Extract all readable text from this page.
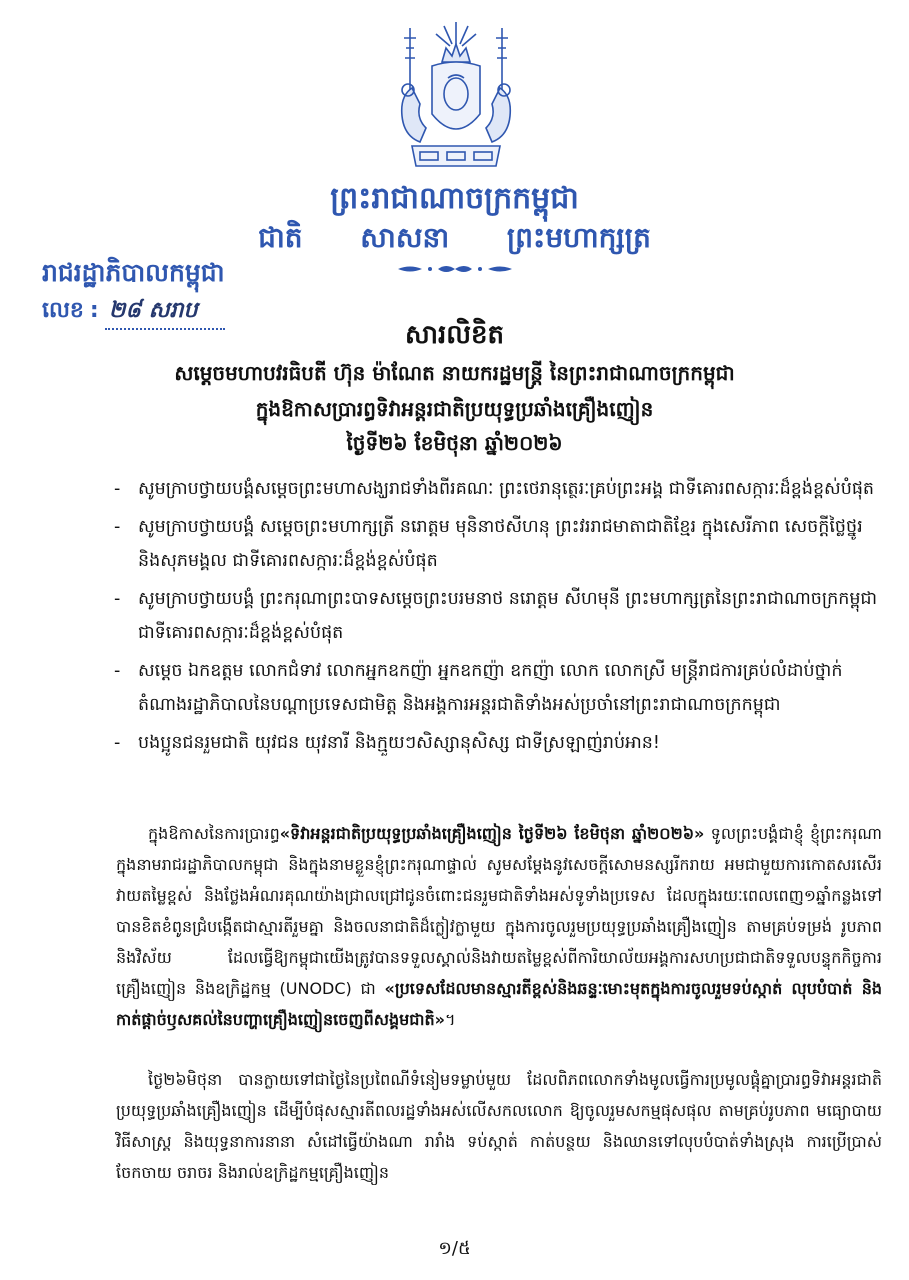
ព្រះរាជាណាចក្រកម្ពុជា
ជាតិ សាសនា ព្រះមហាក្សត្រ
រាជរដ្ឋាភិបាលកម្ពុជា
លេខ : ២៨ សរាប
សារលិខិត
សម្តេចមហាបវរធិបតី ហ៊ុន ម៉ាណែត នាយករដ្ឋមន្ត្រី នៃព្រះរាជាណាចក្រកម្ពុជា
ក្នុងឱកាសប្រារព្ធទិវាអន្តរជាតិប្រយុទ្ធប្រឆាំងគ្រឿងញៀន
ថ្ងៃទី២៦ ខែមិថុនា ឆ្នាំ២០២៦
- សូមក្រាបថ្វាយបង្គំសម្តេចព្រះមហាសង្ឃរាជទាំងពីរគណៈ ព្រះថេរានុត្ថេរៈគ្រប់ព្រះអង្គ ជាទីគោរពសក្ការៈដ៏ខ្ពង់ខ្ពស់បំផុត
- សូមក្រាបថ្វាយបង្គំ សម្តេចព្រះមហាក្សត្រី នរោត្តម មុនិនាថសីហនុ ព្រះវររាជមាតាជាតិខ្មែរ ក្នុងសេរីភាព សេចក្តីថ្លៃថ្នូរ និងសុភមង្គល ជាទីគោរពសក្ការៈដ៏ខ្ពង់ខ្ពស់បំផុត
- សូមក្រាបថ្វាយបង្គំ ព្រះករុណាព្រះបាទសម្តេចព្រះបរមនាថ នរោត្តម សីហមុនី ព្រះមហាក្សត្រនៃព្រះរាជាណាចក្រកម្ពុជា ជាទីគោរពសក្ការៈដ៏ខ្ពង់ខ្ពស់បំផុត
- សម្តេច ឯកឧត្តម លោកជំទាវ លោកអ្នកឧកញ៉ា អ្នកឧកញ៉ា ឧកញ៉ា លោក លោកស្រី មន្ត្រីរាជការគ្រប់លំដាប់ថ្នាក់ តំណាងរដ្ឋាភិបាលនៃបណ្តាប្រទេសជាមិត្ត និងអង្គការអន្តរជាតិទាំងអស់ប្រចាំនៅព្រះរាជាណាចក្រកម្ពុជា
- បងប្អូនជនរួមជាតិ យុវជន យុវនារី និងក្មួយៗសិស្សានុសិស្ស ជាទីស្រឡាញ់រាប់អាន!

ក្នុងឱកាសនៃការប្រារព្ធ«ទិវាអន្តរជាតិប្រយុទ្ធប្រឆាំងគ្រឿងញៀន ថ្ងៃទី២៦ ខែមិថុនា ឆ្នាំ២០២៦» ទូលព្រះបង្គំជាខ្ញុំ ខ្ញុំព្រះករុណា ក្នុងនាមរាជរដ្ឋាភិបាលកម្ពុជា និងក្នុងនាមខ្លួនខ្ញុំព្រះករុណាផ្ទាល់ សូមសម្តែងនូវសេចក្តីសោមនស្សរីករាយ អមជាមួយការកោតសរសើរវាយតម្លៃខ្ពស់ និងថ្លែងអំណរគុណយ៉ាងជ្រាលជ្រៅជូនចំពោះជនរួមជាតិទាំងអស់ទូទាំងប្រទេស ដែលក្នុងរយៈពេលពេញ១ឆ្នាំកន្លងទៅ បានខិតខំពូនជ្រំបង្កើតជាស្មារតីរួមគ្នា និងចលនាជាតិដ៏ក្លៀវក្លាមួយ ក្នុងការចូលរួមប្រយុទ្ធប្រឆាំងគ្រឿងញៀន តាមគ្រប់ទម្រង់ រូបភាព និងវិស័យ ដែលធ្វើឱ្យកម្ពុជាយើងត្រូវបានទទួលស្គាល់និងវាយតម្លៃខ្ពស់ពីការិយាល័យអង្គការសហប្រជាជាតិទទួលបន្ទុកកិច្ចការគ្រឿងញៀន និងឧក្រិដ្ឋកម្ម (UNODC) ជា «ប្រទេសដែលមានស្មារតីខ្ពស់និងឆន្ទៈមោះមុតក្នុងការចូលរួមទប់ស្កាត់ លុបបំបាត់ និងកាត់ផ្តាច់ឫសគល់នៃបញ្ហាគ្រឿងញៀនចេញពីសង្គមជាតិ»។

ថ្ងៃ២៦មិថុនា បានក្លាយទៅជាថ្ងៃនៃប្រពៃណីទំនៀមទម្លាប់មួយ ដែលពិភពលោកទាំងមូលធ្វើការប្រមូលផ្តុំគ្នាប្រារព្ធទិវាអន្តរជាតិប្រយុទ្ធប្រឆាំងគ្រឿងញៀន ដើម្បីបំផុសស្មារតីពលរដ្ឋទាំងអស់លើសកលលោក ឱ្យចូលរួមសកម្មផុសផុល តាមគ្រប់រូបភាព មធ្យោបាយ វិធីសាស្ត្រ និងយុទ្ធនាការនានា សំដៅធ្វើយ៉ាងណា រារាំង ទប់ស្កាត់ កាត់បន្ថយ និងឈានទៅលុបបំបាត់ទាំងស្រុង ការប្រើប្រាស់ ចែកចាយ ចរាចរ និងរាល់ឧក្រិដ្ឋកម្មគ្រឿងញៀន

១/៥
